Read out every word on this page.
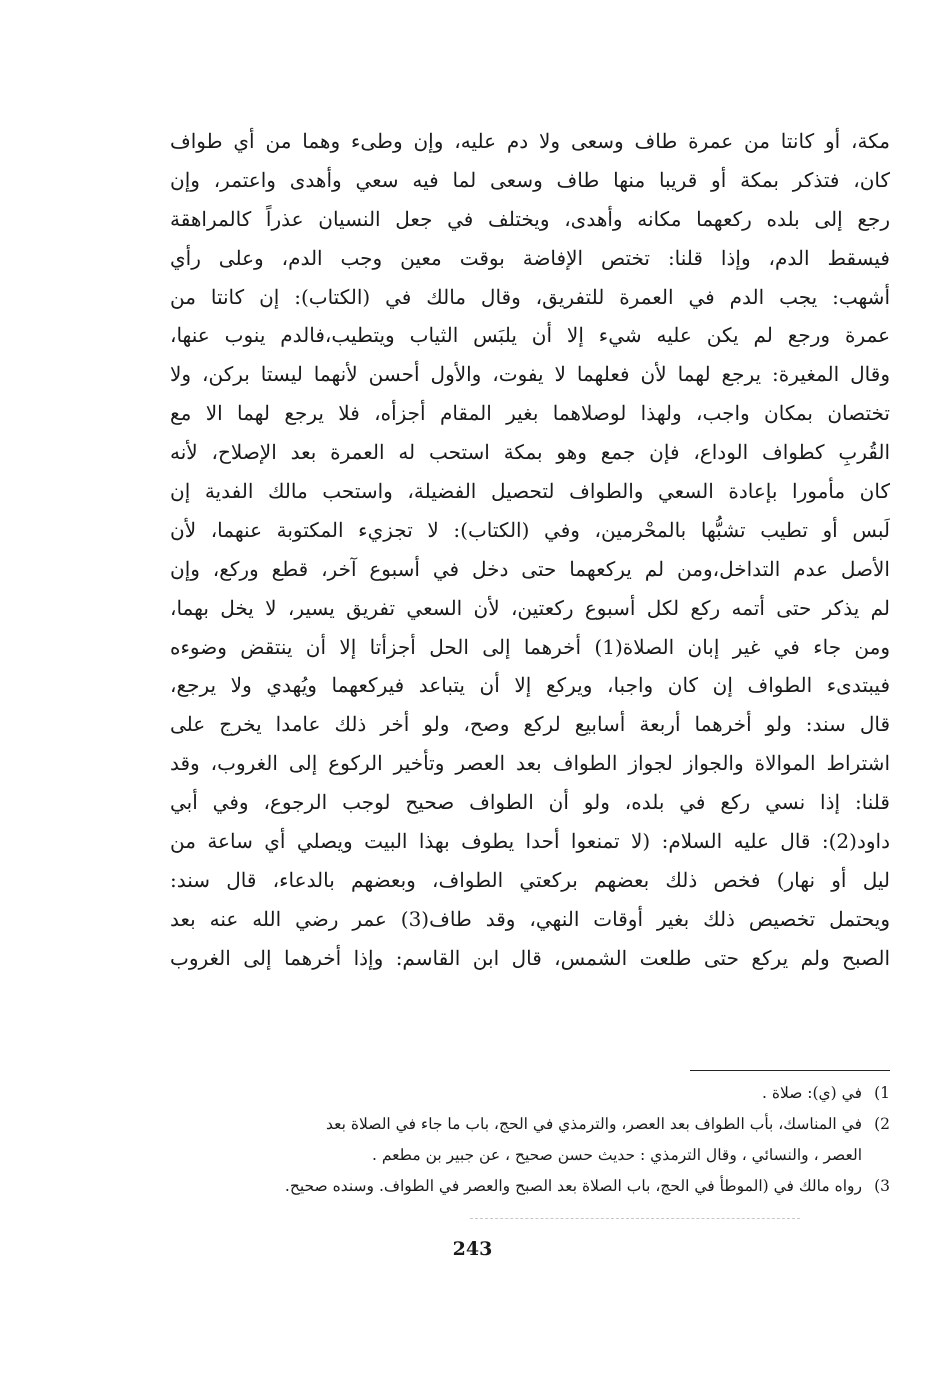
مكة، أو كانتا من عمرة طاف وسعى ولا دم عليه، وإن وطىء وهما من أي طواف
كان، فتذكر بمكة أو قريبا منها طاف وسعى لما فيه سعي وأهدى واعتمر، وإن
رجع إلى بلده ركعهما مكانه وأهدى، ويختلف في جعل النسيان عذراً كالمراهقة
فيسقط الدم، وإذا قلنا: تختص الإفاضة بوقت معين وجب الدم، وعلى رأي
أشهب: يجب الدم في العمرة للتفريق، وقال مالك في (الكتاب): إن كانتا من
عمرة ورجع لم يكن عليه شيء إلا أن يلبَس الثياب ويتطيب،فالدم ينوب عنها،
وقال المغيرة: يرجع لهما لأن فعلهما لا يفوت، والأول أحسن لأنهما ليستا بركن، ولا
تختصان بمكان واجب، ولهذا لوصلاهما بغير المقام أجزأه، فلا يرجع لهما الا مع
القُربِ كطواف الوداع، فإن جمع وهو بمكة استحب له العمرة بعد الإصلاح، لأنه
كان مأمورا بإعادة السعي والطواف لتحصيل الفضيلة، واستحب مالك الفدية إن
لَبس أو تطيب تشبُّها بالمحْرمين، وفي (الكتاب): لا تجزيء المكتوبة عنهما، لأن
الأصل عدم التداخل،ومن لم يركعهما حتى دخل في أسبوع آخر، قطع وركع، وإن
لم يذكر حتى أتمه ركع لكل أسبوع ركعتين، لأن السعي تفريق يسير، لا يخل بهما،
ومن جاء في غير إبان الصلاة(1) أخرهما إلى الحل أجزأتا إلا أن ينتقض وضوءه
فيبتدىء الطواف إن كان واجبا، ويركع إلا أن يتباعد فيركعهما ويُهدي ولا يرجع،
قال سند: ولو أخرهما أربعة أسابيع لركع وصح، ولو أخر ذلك عامدا يخرج على
اشتراط الموالاة والجواز لجواز الطواف بعد العصر وتأخير الركوع إلى الغروب، وقد
قلنا: إذا نسي ركع في بلده، ولو أن الطواف صحيح لوجب الرجوع، وفي أبي
داود(2): قال عليه السلام: (لا تمنعوا أحدا يطوف بهذا البيت ويصلي أي ساعة من
ليل أو نهار) فخص ذلك بعضهم بركعتي الطواف، وبعضهم بالدعاء، قال سند:
ويحتمل تخصيص ذلك بغير أوقات النهي، وقد طاف(3) عمر رضي الله عنه بعد
الصبح ولم يركع حتى طلعت الشمس، قال ابن القاسم: وإذا أخرهما إلى الغروب
1)
في (ي): صلاة .
2)
في المناسك، بأب الطواف بعد العصر، والترمذي في الحج، باب ما جاء في الصلاة بعد
العصر ، والنسائي ، وقال الترمذي : حديث حسن صحيح ، عن جبير بن مطعم .
3)
رواه مالك في (الموطأ في الحج، باب الصلاة بعد الصبح والعصر في الطواف. وسنده صحيح.
243
